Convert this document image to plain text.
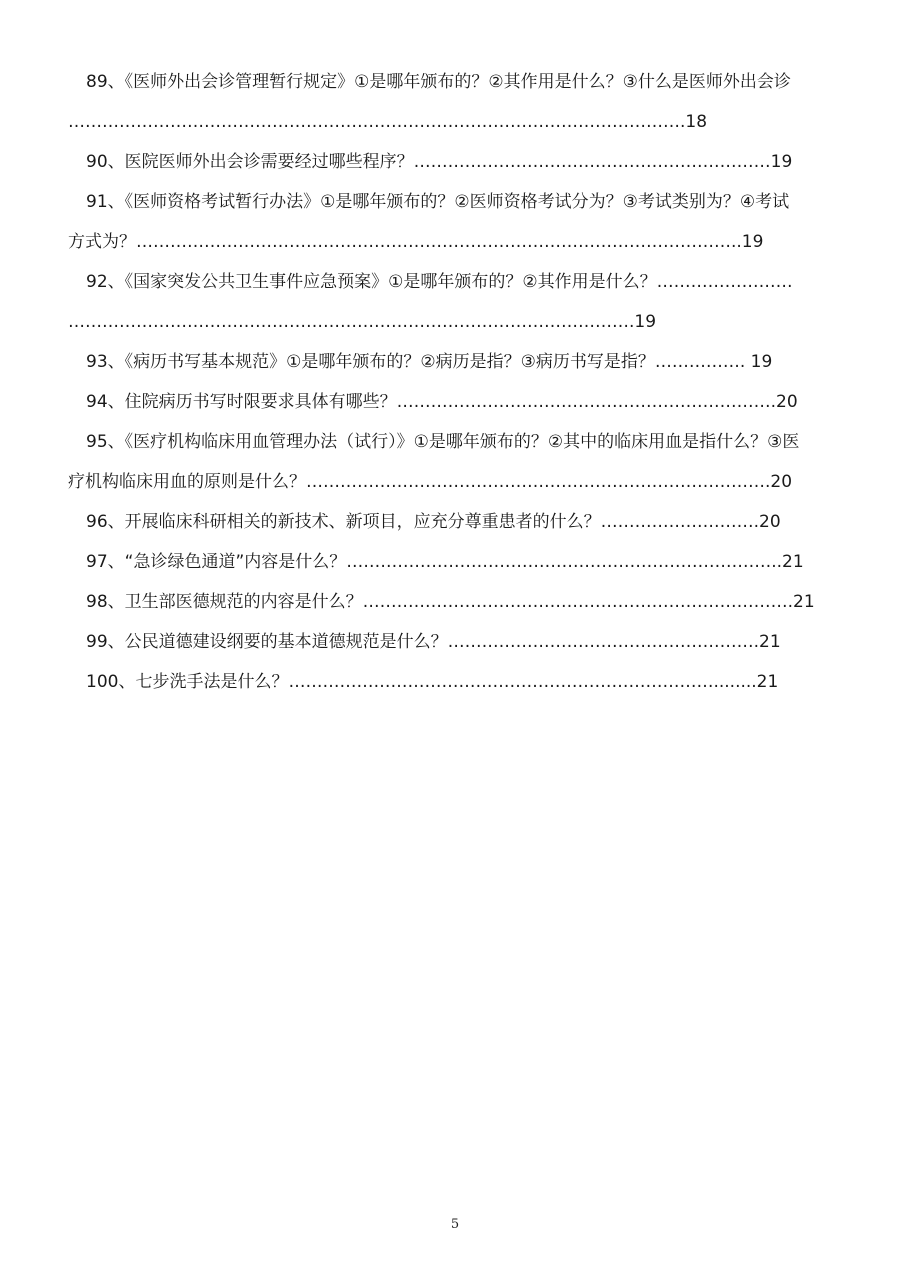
89、《医师外出会诊管理暂行规定》①是哪年颁布的？②其作用是什么？③什么是医师外出会诊
……………………………………………………………………………………………….18
90、医院医师外出会诊需要经过哪些程序？………………………………………………………19
91、《医师资格考试暂行办法》①是哪年颁布的？②医师资格考试分为？③考试类别为？④考试
方式为？……………………………………………………………………………………………..19
92、《国家突发公共卫生事件应急预案》①是哪年颁布的？②其作用是什么？……………………
……………………………………………………………………………………….19
93、《病历书写基本规范》①是哪年颁布的？②病历是指？③病历书写是指？……………. 19
94、住院病历书写时限要求具体有哪些？………………………………………………………….20
95、《医疗机构临床用血管理办法（试行）》①是哪年颁布的？②其中的临床用血是指什么？③医
疗机构临床用血的原则是什么？……………………………………………………………………….20
96、开展临床科研相关的新技术、新项目，应充分尊重患者的什么？……………………….20
97、“急诊绿色通道”内容是什么？…………………………………………………………………..21
98、卫生部医德规范的内容是什么？………………………………………………………………….21
99、公民道德建设纲要的基本道德规范是什么？……………………………………………….21
100、七步洗手法是什么？…………………………………………………………………........21
5
